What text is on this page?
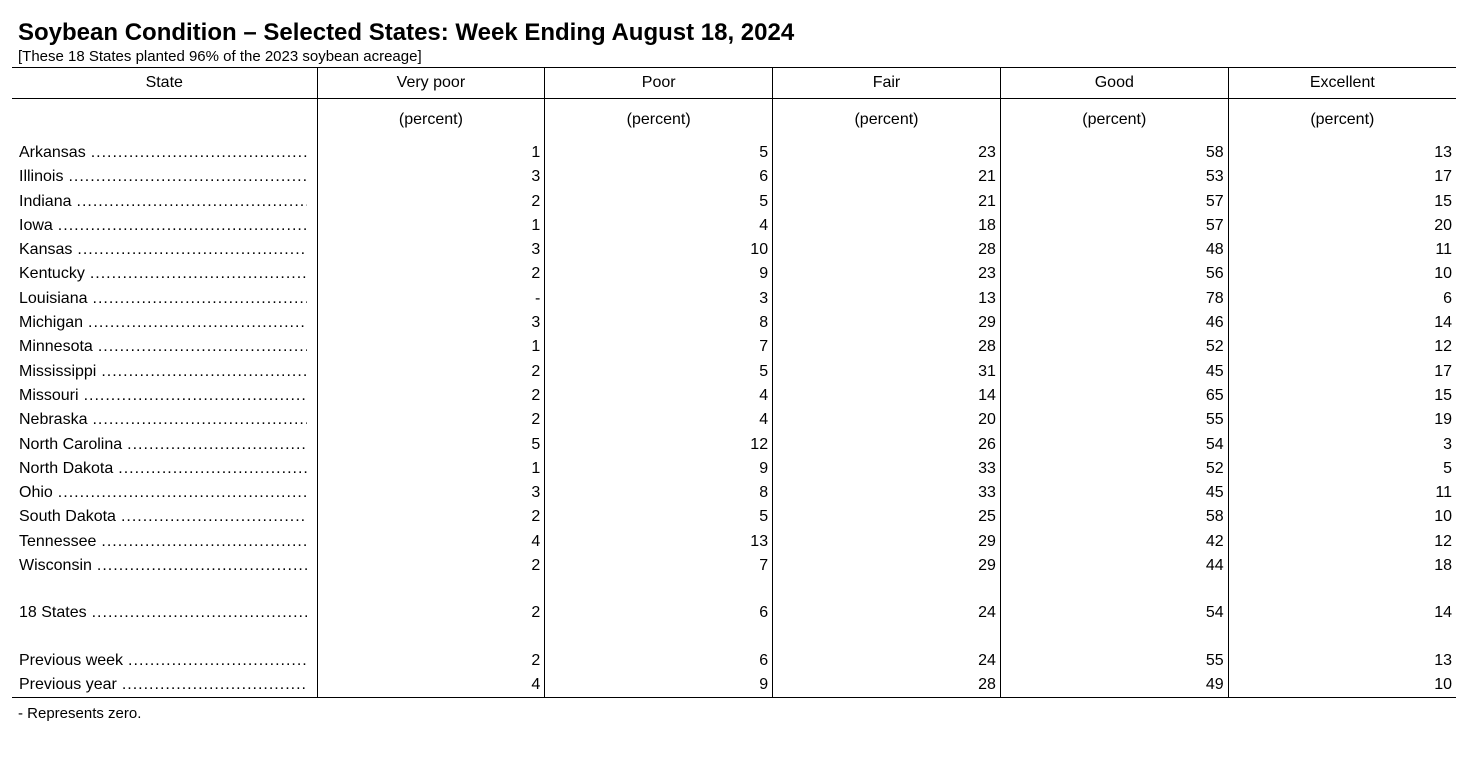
Soybean Condition – Selected States: Week Ending August 18, 2024
[These 18 States planted 96% of the 2023 soybean acreage]
State	Very poor	Poor	Fair	Good	Excellent
	(percent)	(percent)	(percent)	(percent)	(percent)

Arkansas
.....	1	5	23	58	13

Illinois
.....	3	6	21	53	17

Indiana
.....	2	5	21	57	15

Iowa
.....	1	4	18	57	20

Kansas
.....	3	10	28	48	11

Kentucky
.....	2	9	23	56	10

Louisiana
.....	-	3	13	78	6

Michigan
.....	3	8	29	46	14

Minnesota
.....	1	7	28	52	12

Mississippi
.....	2	5	31	45	17

Missouri
.....	2	4	14	65	15

Nebraska
.....	2	4	20	55	19

North Carolina
.....	5	12	26	54	3

North Dakota
.....	1	9	33	52	5

Ohio
.....	3	8	33	45	11

South Dakota
.....	2	5	25	58	10

Tennessee
.....	4	13	29	42	12

Wisconsin
.....	2	7	29	44	18

18 States
.....	2	6	24	54	14

Previous week
.....	2	6	24	55	13

Previous year
.....	4	9	28	49	10
- Represents zero.
